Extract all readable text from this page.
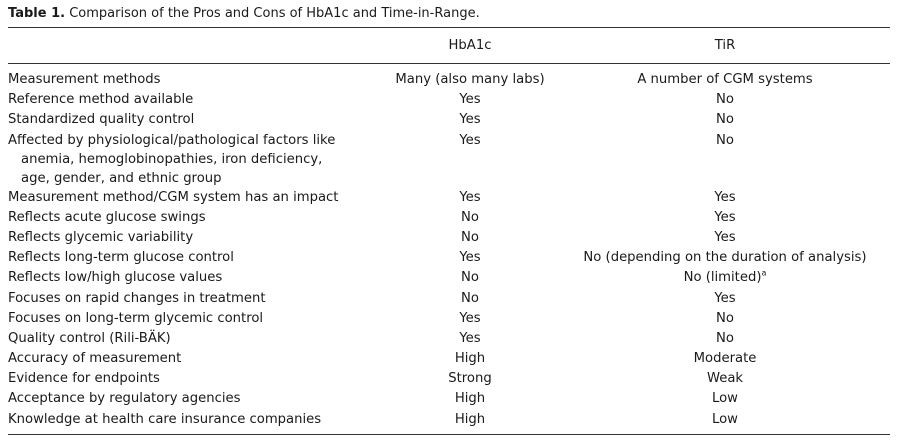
Table 1. Comparison of the Pros and Cons of HbA1c and Time-in-Range.
	HbA1c	TiR

Measurement methods	Many (also many labs)	A number of CGM systems

Reference method available	Yes	No

Standardized quality control	Yes	No

Affected by physiological/pathological factors like
anemia, hemoglobinopathies, iron deficiency,
age, gender, and ethnic group	Yes	No

Measurement method/CGM system has an impact	Yes	Yes

Reflects acute glucose swings	No	Yes

Reflects glycemic variability	No	Yes

Reflects long-term glucose control	Yes	No (depending on the duration of analysis)

Reflects low/high glucose values	No	No (limited)$^a$

Focuses on rapid changes in treatment	No	Yes

Focuses on long-term glycemic control	Yes	No

Quality control (Rili-BÄK)	Yes	No

Accuracy of measurement	High	Moderate

Evidence for endpoints	Strong	Weak

Acceptance by regulatory agencies	High	Low

Knowledge at health care insurance companies	High	Low
